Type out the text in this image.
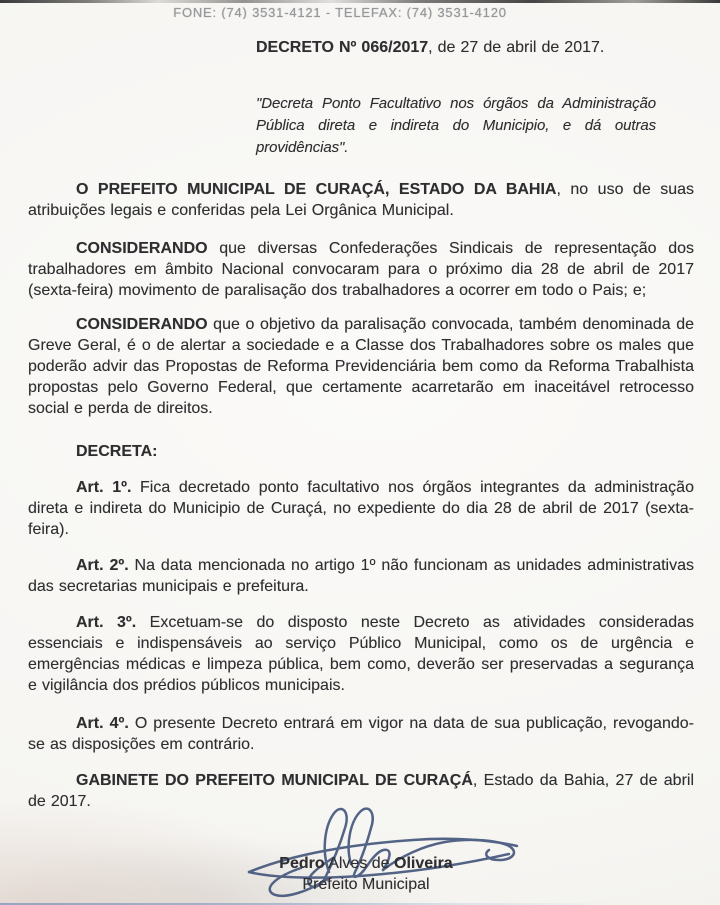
FONE: (74) 3531-4121 - TELEFAX: (74) 3531-4120

DECRETO Nº 066/2017, de 27 de abril de 2017.

"Decreta Ponto Facultativo nos órgãos da Administração Pública direta e indireta do Municipio, e dá outras providências".

O PREFEITO MUNICIPAL DE CURAÇÁ, ESTADO DA BAHIA, no uso de suas atribuições legais e conferidas pela Lei Orgânica Municipal.

CONSIDERANDO que diversas Confederações Sindicais de representação dos trabalhadores em âmbito Nacional convocaram para o próximo dia 28 de abril de 2017 (sexta-feira) movimento de paralisação dos trabalhadores a ocorrer em todo o Pais; e;

CONSIDERANDO que o objetivo da paralisação convocada, também denominada de Greve Geral, é o de alertar a sociedade e a Classe dos Trabalhadores sobre os males que poderão advir das Propostas de Reforma Previdenciária bem como da Reforma Trabalhista propostas pelo Governo Federal, que certamente acarretarão em inaceitável retrocesso social e perda de direitos.

DECRETA:

Art. 1º. Fica decretado ponto facultativo nos órgãos integrantes da administração direta e indireta do Municipio de Curaçá, no expediente do dia 28 de abril de 2017 (sexta-feira).

Art. 2º. Na data mencionada no artigo 1º não funcionam as unidades administrativas das secretarias municipais e prefeitura.

Art. 3º. Excetuam-se do disposto neste Decreto as atividades consideradas essenciais e indispensáveis ao serviço Público Municipal, como os de urgência e emergências médicas e limpeza pública, bem como, deverão ser preservadas a segurança e vigilância dos prédios públicos municipais.

Art. 4º. O presente Decreto entrará em vigor na data de sua publicação, revogando-se as disposições em contrário.

GABINETE DO PREFEITO MUNICIPAL DE CURAÇÁ, Estado da Bahia, 27 de abril de 2017.

Pedro Alves de Oliveira
Prefeito Municipal
